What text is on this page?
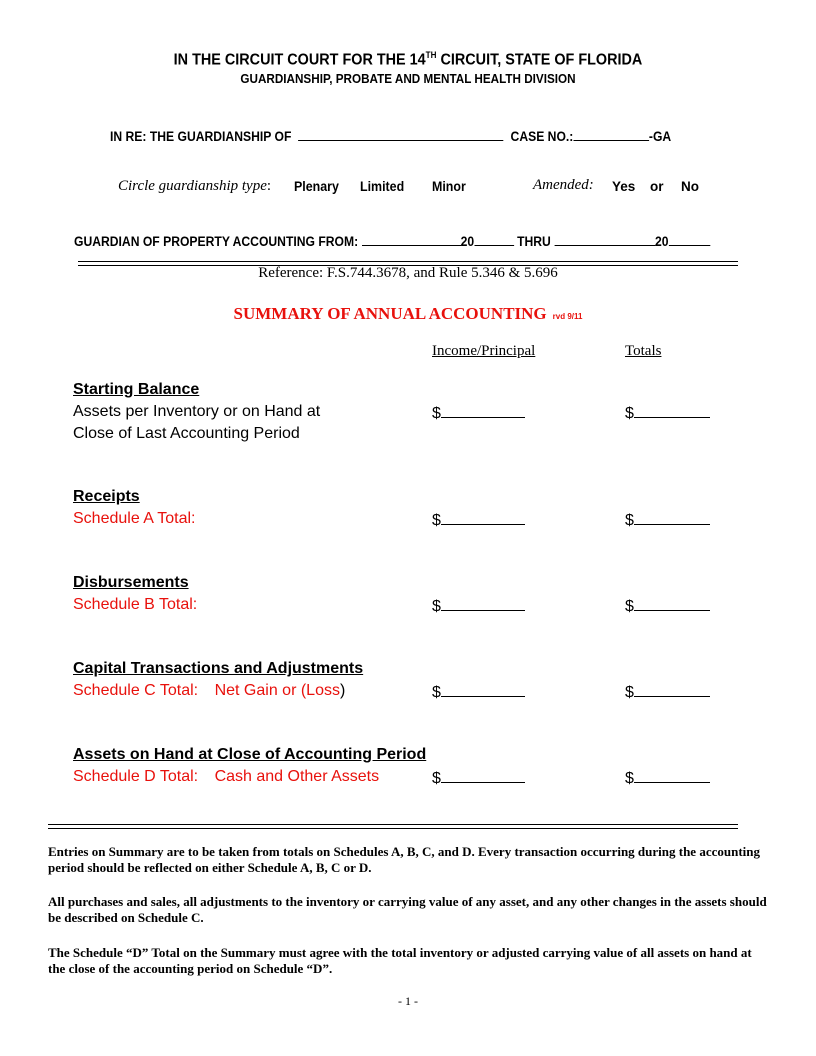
IN THE CIRCUIT COURT FOR THE 14TH CIRCUIT, STATE OF FLORIDA
GUARDIANSHIP, PROBATE AND MENTAL HEALTH DIVISION
IN RE: THE GUARDIANSHIP OF	CASE NO.:	-GA
Circle guardianship type: Plenary Limited Minor	Amended: Yes or No
GUARDIAN OF PROPERTY ACCOUNTING FROM:	20	THRU	20
Reference: F.S.744.3678, and Rule 5.346 & 5.696
SUMMARY OF ANNUAL ACCOUNTING rvd 9/11
Income/Principal	Totals
Starting Balance
Assets per Inventory or on Hand at
Close of Last Accounting Period
$	$
Receipts
Schedule A Total:	$	$
Disbursements
Schedule B Total:	$	$
Capital Transactions and Adjustments
Schedule C Total: Net Gain or (Loss)	$	$
Assets on Hand at Close of Accounting Period
Schedule D Total: Cash and Other Assets	$	$
Entries on Summary are to be taken from totals on Schedules A, B, C, and D. Every transaction occurring during the accounting period should be reflected on either Schedule A, B, C or D.
All purchases and sales, all adjustments to the inventory or carrying value of any asset, and any other changes in the assets should be described on Schedule C.
The Schedule “D” Total on the Summary must agree with the total inventory or adjusted carrying value of all assets on hand at the close of the accounting period on Schedule “D”.
- 1 -
